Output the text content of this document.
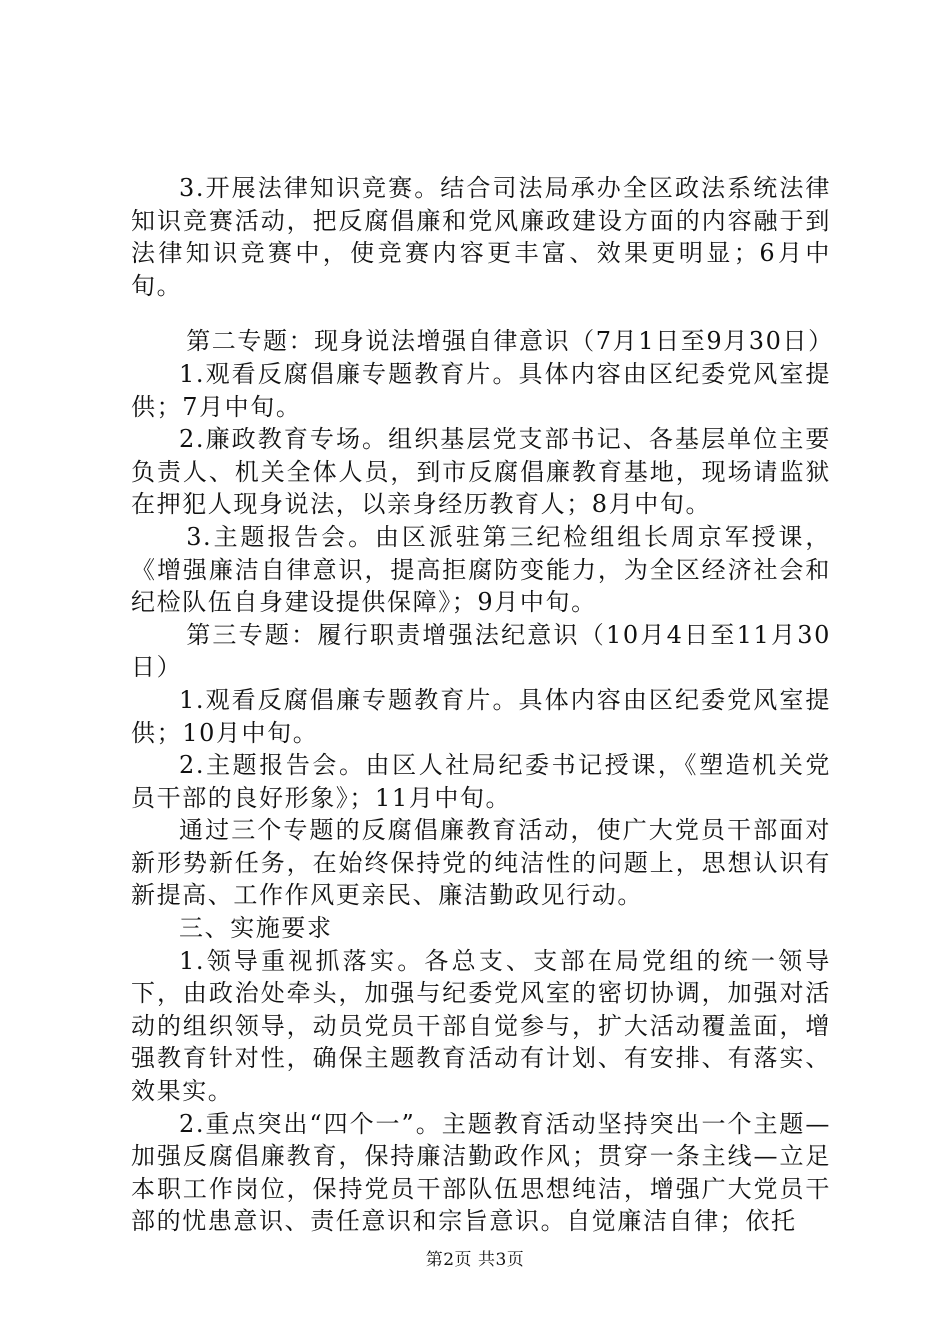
3.开展法律知识竞赛。结合司法局承办全区政法系统法律知识竞赛活动，把反腐倡廉和党风廉政建设方面的内容融于到法律知识竞赛中，使竞赛内容更丰富、效果更明显；6月中旬。

第二专题：现身说法增强自律意识（7月1日至9月30日）

1.观看反腐倡廉专题教育片。具体内容由区纪委党风室提供；7月中旬。

2.廉政教育专场。组织基层党支部书记、各基层单位主要负责人、机关全体人员，到市反腐倡廉教育基地，现场请监狱在押犯人现身说法，以亲身经历教育人；8月中旬。

3.主题报告会。由区派驻第三纪检组组长周京军授课，《增强廉洁自律意识，提高拒腐防变能力，为全区经济社会和纪检队伍自身建设提供保障》；9月中旬。

第三专题：履行职责增强法纪意识（10月4日至11月30日）

1.观看反腐倡廉专题教育片。具体内容由区纪委党风室提供；10月中旬。

2.主题报告会。由区人社局纪委书记授课，《塑造机关党员干部的良好形象》；11月中旬。

通过三个专题的反腐倡廉教育活动，使广大党员干部面对新形势新任务，在始终保持党的纯洁性的问题上，思想认识有新提高、工作作风更亲民、廉洁勤政见行动。

三、实施要求

1.领导重视抓落实。各总支、支部在局党组的统一领导下，由政治处牵头，加强与纪委党风室的密切协调，加强对活动的组织领导，动员党员干部自觉参与，扩大活动覆盖面，增强教育针对性，确保主题教育活动有计划、有安排、有落实、效果实。

2.重点突出“四个一”。主题教育活动坚持突出一个主题—加强反腐倡廉教育，保持廉洁勤政作风；贯穿一条主线—立足本职工作岗位，保持党员干部队伍思想纯洁，增强广大党员干部的忧患意识、责任意识和宗旨意识。自觉廉洁自律；依托

第2页 共3页
